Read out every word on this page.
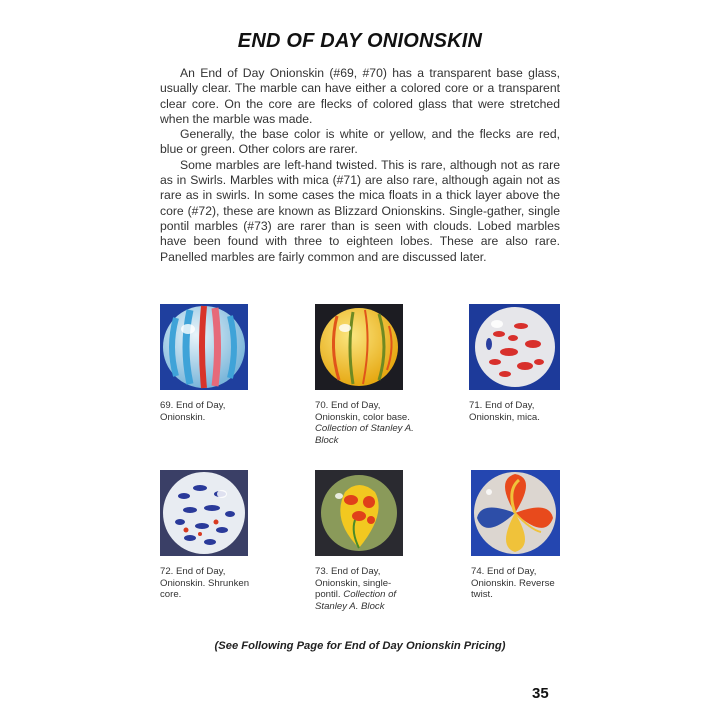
END OF DAY ONIONSKIN

An End of Day Onionskin (#69, #70) has a transparent base glass, usually clear. The marble can have either a colored core or a transparent clear core. On the core are flecks of colored glass that were stretched when the marble was made.

Generally, the base color is white or yellow, and the flecks are red, blue or green. Other colors are rarer.

Some marbles are left-hand twisted. This is rare, although not as rare as in Swirls. Marbles with mica (#71) are also rare, although again not as rare as in swirls. In some cases the mica floats in a thick layer above the core (#72), these are known as Blizzard Onionskins. Single-gather, single pontil marbles (#73) are rarer than is seen with clouds. Lobed marbles have been found with three to eighteen lobes. These are also rare. Panelled marbles are fairly common and are discussed later.

69. End of Day, Onionskin.
70. End of Day, Onionskin, color base. Collection of Stanley A. Block
71. End of Day, Onionskin, mica.
72. End of Day, Onionskin. Shrunken core.
73. End of Day, Onionskin, single-pontil. Collection of Stanley A. Block
74. End of Day, Onionskin. Reverse twist.
(See Following Page for End of Day Onionskin Pricing)
35
